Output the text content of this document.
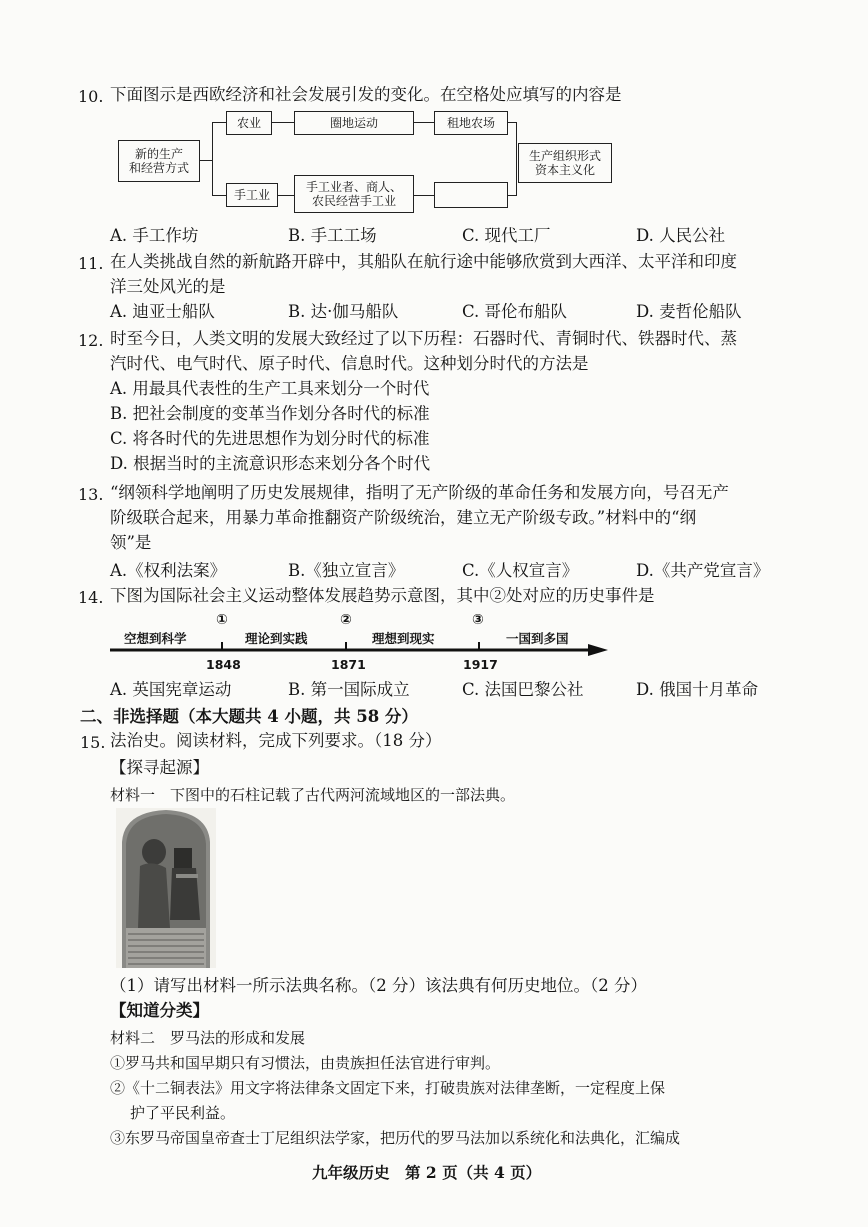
10. 下面图示是西欧经济和社会发展引发的变化。在空格处应填写的内容是
新的生产
和经营方式
农业	圈地运动	租地农场
手工业
手工业者、商人、
农民经营手工业
生产组织形式
资本主义化
A. 手工作坊	B. 手工工场	C. 现代工厂	D. 人民公社
11. 在人类挑战自然的新航路开辟中，其船队在航行途中能够欣赏到大西洋、太平洋和印度
洋三处风光的是
A. 迪亚士船队	B. 达·伽马船队	C. 哥伦布船队	D. 麦哲伦船队
12. 时至今日，人类文明的发展大致经过了以下历程：石器时代、青铜时代、铁器时代、蒸
汽时代、电气时代、原子时代、信息时代。这种划分时代的方法是
A. 用最具代表性的生产工具来划分一个时代
B. 把社会制度的变革当作划分各时代的标准
C. 将各时代的先进思想作为划分时代的标准
D. 根据当时的主流意识形态来划分各个时代
13. “纲领科学地阐明了历史发展规律，指明了无产阶级的革命任务和发展方向，号召无产
阶级联合起来，用暴力革命推翻资产阶级统治，建立无产阶级专政。”材料中的“纲
领”是
A.《权利法案》	B.《独立宣言》	C.《人权宣言》	D.《共产党宣言》
14. 下图为国际社会主义运动整体发展趋势示意图，其中②处对应的历史事件是
空想到科学
①
理论到实践
②
理想到现实
③
一国到多国
1848	1871	1917
A. 英国宪章运动	B. 第一国际成立	C. 法国巴黎公社	D. 俄国十月革命
二、非选择题（本大题共 4 小题，共 58 分）
15. 法治史。阅读材料，完成下列要求。（18 分）
【探寻起源】
材料一　下图中的石柱记载了古代两河流域地区的一部法典。
（1）请写出材料一所示法典名称。（2 分）该法典有何历史地位。（2 分）
【知道分类】
材料二　罗马法的形成和发展
①罗马共和国早期只有习惯法，由贵族担任法官进行审判。
②《十二铜表法》用文字将法律条文固定下来，打破贵族对法律垄断，一定程度上保
护了平民利益。
③东罗马帝国皇帝查士丁尼组织法学家，把历代的罗马法加以系统化和法典化，汇编成
九年级历史　第 2 页（共 4 页）
